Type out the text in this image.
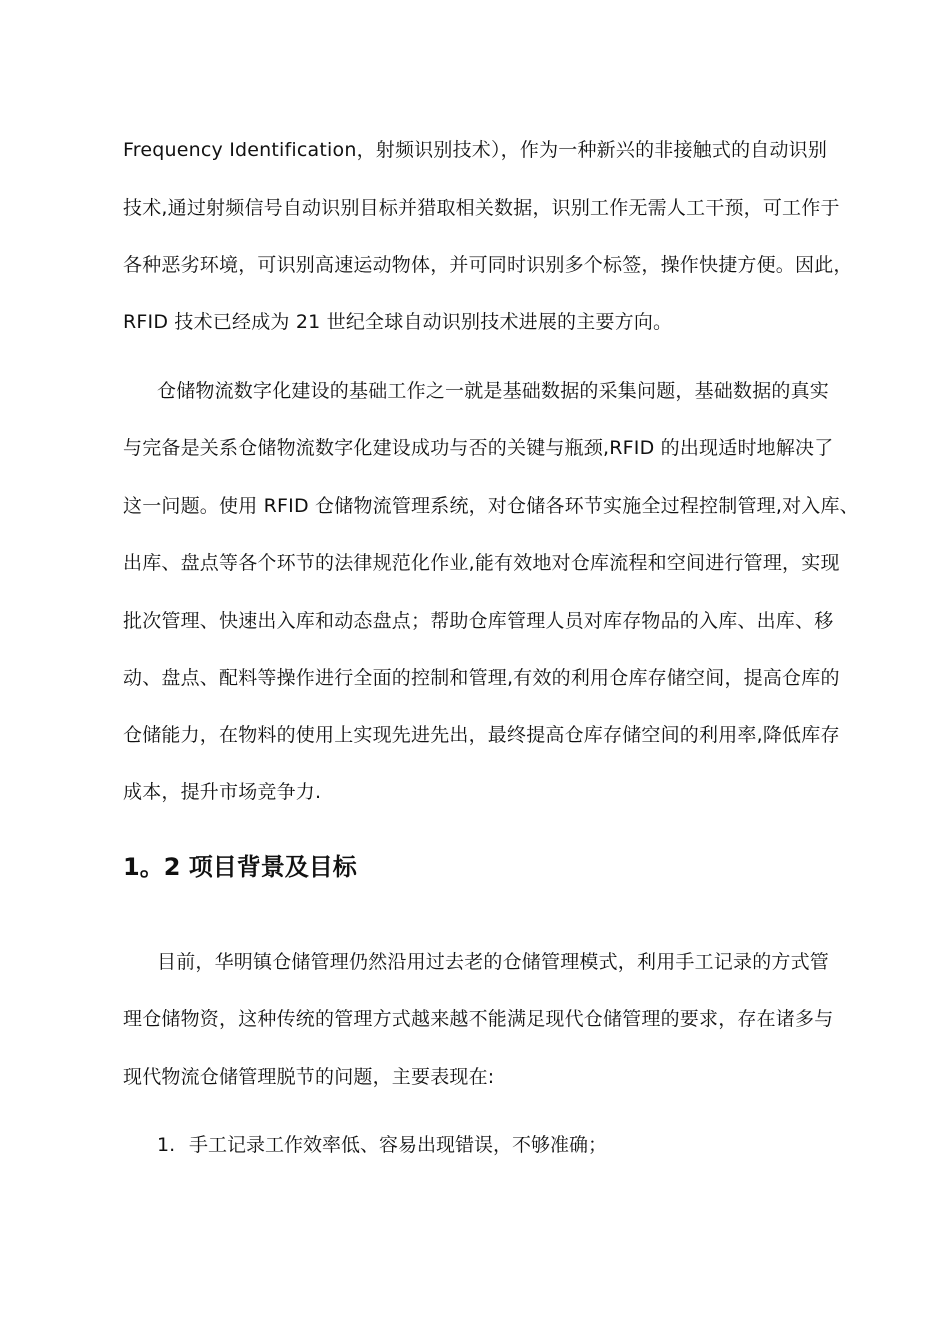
Frequency Identification，射频识别技术），作为一种新兴的非接触式的自动识别
技术,通过射频信号自动识别目标并猎取相关数据，识别工作无需人工干预，可工作于
各种恶劣环境，可识别高速运动物体，并可同时识别多个标签，操作快捷方便。因此，
RFID 技术已经成为 21 世纪全球自动识别技术进展的主要方向。
仓储物流数字化建设的基础工作之一就是基础数据的采集问题，基础数据的真实
与完备是关系仓储物流数字化建设成功与否的关键与瓶颈,RFID 的出现适时地解决了
这一问题。使用 RFID 仓储物流管理系统，对仓储各环节实施全过程控制管理,对入库、
出库、盘点等各个环节的法律规范化作业,能有效地对仓库流程和空间进行管理，实现
批次管理、快速出入库和动态盘点；帮助仓库管理人员对库存物品的入库、出库、移
动、盘点、配料等操作进行全面的控制和管理,有效的利用仓库存储空间，提高仓库的
仓储能力，在物料的使用上实现先进先出，最终提高仓库存储空间的利用率,降低库存
成本，提升市场竞争力.
1。2 项目背景及目标
目前，华明镇仓储管理仍然沿用过去老的仓储管理模式，利用手工记录的方式管
理仓储物资，这种传统的管理方式越来越不能满足现代仓储管理的要求，存在诸多与
现代物流仓储管理脱节的问题，主要表现在:
1. 手工记录工作效率低、容易出现错误，不够准确；
